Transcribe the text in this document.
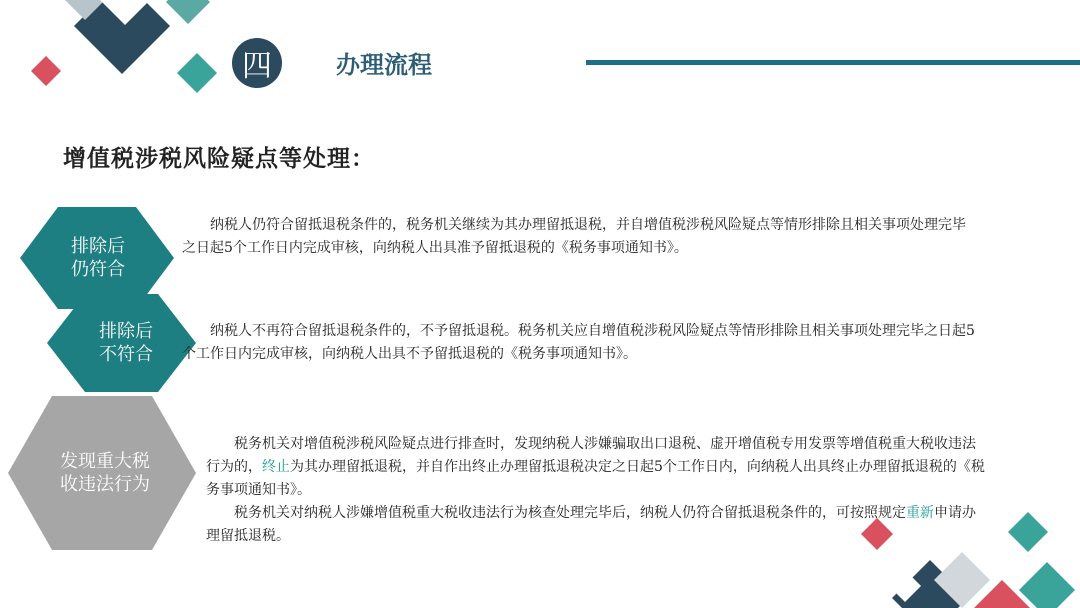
四	办理流程
增值税涉税风险疑点等处理：
排除后
仍符合
排除后
不符合
发现重大税
收违法行为
纳税人仍符合留抵退税条件的，税务机关继续为其办理留抵退税，并自增值税涉税风险疑点等情形排除且相关事项处理完毕之日起5个工作日内完成审核，向纳税人出具准予留抵退税的《税务事项通知书》。
纳税人不再符合留抵退税条件的，不予留抵退税。税务机关应自增值税涉税风险疑点等情形排除且相关事项处理完毕之日起5个工作日内完成审核，向纳税人出具不予留抵退税的《税务事项通知书》。
税务机关对增值税涉税风险疑点进行排查时，发现纳税人涉嫌骗取出口退税、虚开增值税专用发票等增值税重大税收违法行为的，终止为其办理留抵退税，并自作出终止办理留抵退税决定之日起5个工作日内，向纳税人出具终止办理留抵退税的《税务事项通知书》。
税务机关对纳税人涉嫌增值税重大税收违法行为核查处理完毕后，纳税人仍符合留抵退税条件的，可按照规定重新申请办理留抵退税。
